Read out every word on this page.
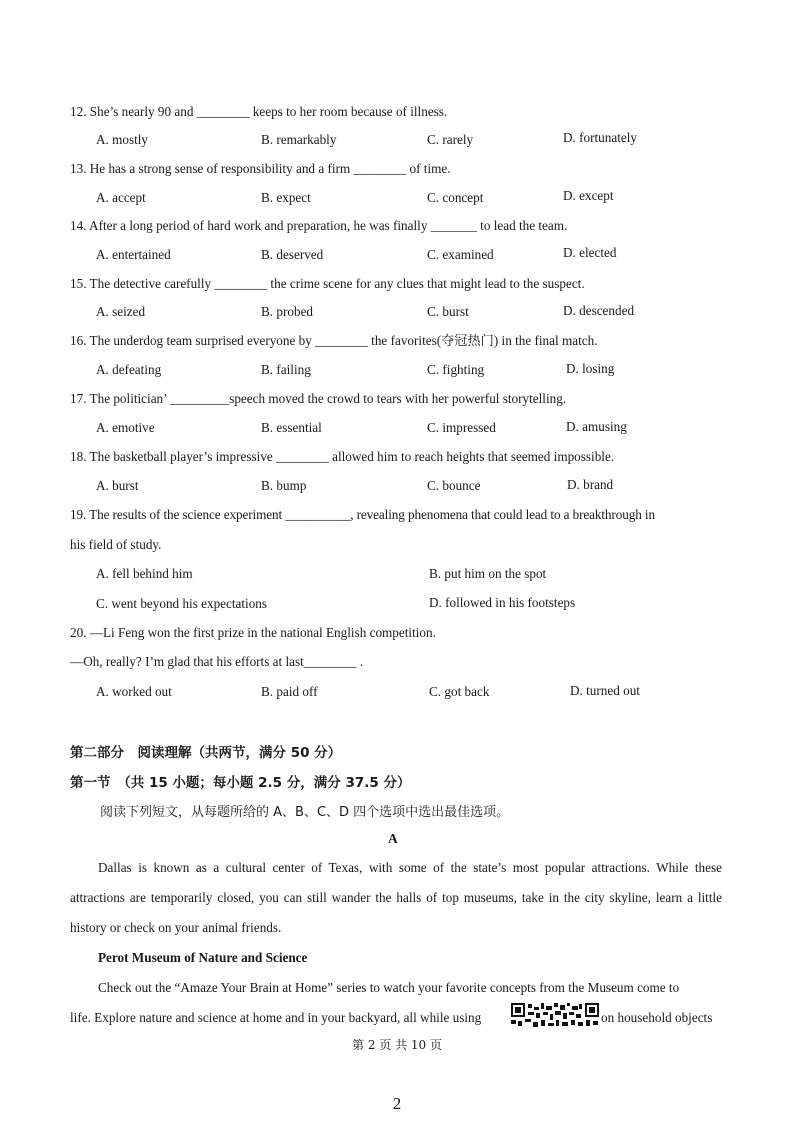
12. She’s nearly 90 and ________ keeps to her room because of illness.
A. mostly	B. remarkably	C. rarely	D. fortunately
13. He has a strong sense of responsibility and a firm ________ of time.
A. accept	B. expect	C. concept	D. except
14. After a long period of hard work and preparation, he was finally _______ to lead the team.
A. entertained	B. deserved	C. examined	D. elected
15. The detective carefully ________ the crime scene for any clues that might lead to the suspect.
A. seized	B. probed	C. burst	D. descended
16. The underdog team surprised everyone by ________ the favorites(夺冠热门) in the final match.
A. defeating	B. failing	C. fighting	D. losing
17. The politician’ _________speech moved the crowd to tears with her powerful storytelling.
A. emotive	B. essential	C. impressed	D. amusing
18. The basketball player’s impressive ________ allowed him to reach heights that seemed impossible.
A. burst	B. bump	C. bounce	D. brand
19. The results of the science experiment __________, revealing phenomena that could lead to a breakthrough in
his field of study.
A. fell behind him	B. put him on the spot
C. went beyond his expectations	D. followed in his footsteps
20. —Li Feng won the first prize in the national English competition.
—Oh, really? I’m glad that his efforts at last________ .
A. worked out	B. paid off	C. got back	D. turned out
第二部分　阅读理解（共两节，满分 50 分）
第一节　（共 15 小题；每小题 2.5 分，满分 37.5 分）
阅读下列短文，从每题所给的 A、B、C、D 四个选项中选出最佳选项。
A
Dallas is known as a cultural center of Texas, with some of the state’s most popular attractions. While these attractions are temporarily closed, you can still wander the halls of top museums, take in the city skyline, learn a little history or check on your animal friends.
Perot Museum of Nature and Science
Check out the “Amaze Your Brain at Home” series to watch your favorite concepts from the Museum come to
life. Explore nature and science at home and in your backyard, all while using	on household objects
第 2 页 共 10 页
2
